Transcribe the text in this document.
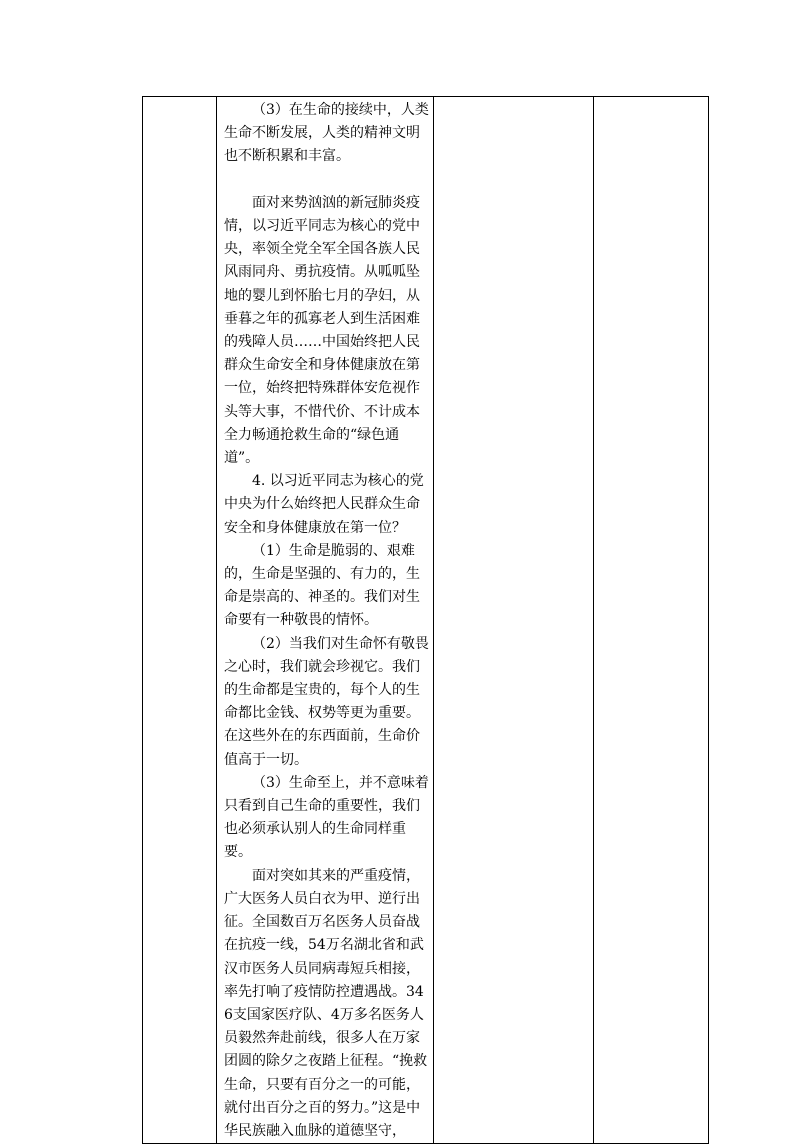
（3）在生命的接续中，人类生命不断发展，人类的精神文明也不断积累和丰富。

面对来势汹汹的新冠肺炎疫情，以习近平同志为核心的党中央，率领全党全军全国各族人民风雨同舟、勇抗疫情。从呱呱坠地的婴儿到怀胎七月的孕妇，从垂暮之年的孤寡老人到生活困难的残障人员……中国始终把人民群众生命安全和身体健康放在第一位，始终把特殊群体安危视作头等大事，不惜代价、不计成本全力畅通抢救生命的“绿色通道”。

4. 以习近平同志为核心的党中央为什么始终把人民群众生命安全和身体健康放在第一位？

（1）生命是脆弱的、艰难的，生命是坚强的、有力的，生命是崇高的、神圣的。我们对生命要有一种敬畏的情怀。

（2）当我们对生命怀有敬畏之心时，我们就会珍视它。我们的生命都是宝贵的，每个人的生命都比金钱、权势等更为重要。在这些外在的东西面前，生命价值高于一切。

（3）生命至上，并不意味着只看到自己生命的重要性，我们也必须承认别人的生命同样重要。

面对突如其来的严重疫情，广大医务人员白衣为甲、逆行出征。全国数百万名医务人员奋战在抗疫一线，54万名湖北省和武汉市医务人员同病毒短兵相接，率先打响了疫情防控遭遇战。346支国家医疗队、4万多名医务人员毅然奔赴前线，很多人在万家团圆的除夕之夜踏上征程。“挽救生命，只要有百分之一的可能，就付出百分之百的努力。”这是中华民族融入血脉的道德坚守，
